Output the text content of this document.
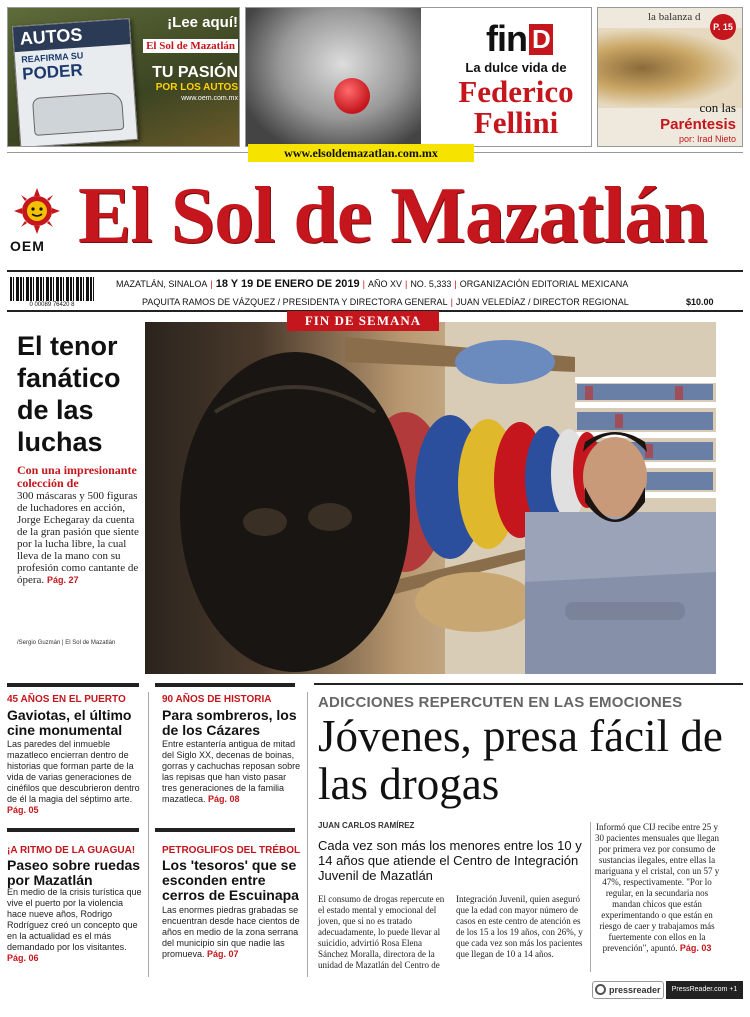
AUTOS
REAFIRMA SU
PODER
¡Lee aquí!
El Sol de Mazatlán
TU PASIÓN
POR LOS AUTOS
www.oem.com.mx
fin D
La dulce vida de
Federico
Fellini
la balanza d
P. 15
con las
Paréntesis
por: Irad Nieto
www.elsoldemazatlan.com.mx
OEM El Sol de Mazatlán
0 00089 76420 8
MAZATLÁN, SINALOA | 18 Y 19 DE ENERO DE 2019 | AÑO XV | NO. 5,333 | ORGANIZACIÓN EDITORIAL MEXICANA
PAQUITA RAMOS DE VÁZQUEZ / PRESIDENTA Y DIRECTORA GENERAL | JUAN VELEDÍAZ / DIRECTOR REGIONAL	$10.00
El tenor fanático de las luchas
Con una impresionante colección de
300 máscaras y 500 figuras de luchadores en acción, Jorge Echegaray da cuenta de la gran pasión que siente por la lucha libre, la cual lleva de la mano con su profesión como cantante de ópera. Pág. 27
/Sergio Guzmán | El Sol de Mazatlán
FIN DE SEMANA
45 AÑOS EN EL PUERTO
Gaviotas, el último cine monumental
Las paredes del inmueble mazatleco encierran dentro de historias que forman parte de la vida de varias generaciones de cinéfilos que descubrieron dentro de él la magia del séptimo arte. Pág. 05
90 AÑOS DE HISTORIA
Para sombreros, los de los Cázares
Entre estantería antigua de mitad del Siglo XX, decenas de boinas, gorras y cachuchas reposan sobre las repisas que han visto pasar tres generaciones de la familia mazatleca. Pág. 08
¡A RITMO DE LA GUAGUA!
Paseo sobre ruedas por Mazatlán
En medio de la crisis turística que vive el puerto por la violencia hace nueve años, Rodrigo Rodríguez creó un concepto que en la actualidad es el más demandado por los visitantes. Pág. 06
PETROGLIFOS DEL TRÉBOL
Los 'tesoros' que se esconden entre cerros de Escuinapa
Las enormes piedras grabadas se encuentran desde hace cientos de años en medio de la zona serrana del municipio sin que nadie las promueva. Pág. 07
ADICCIONES REPERCUTEN EN LAS EMOCIONES
Jóvenes, presa fácil de las drogas
JUAN CARLOS RAMÍREZ
Cada vez son más los menores entre los 10 y 14 años que atiende el Centro de Integración Juvenil de Mazatlán
El consumo de drogas repercute en el estado mental y emocional del joven, que si no es tratado adecuadamente, lo puede llevar al suicidio, advirtió Rosa Elena Sánchez Moralla, directora de la unidad de Mazatlán del Centro de
Integración Juvenil, quien aseguró que la edad con mayor número de casos en este centro de atención es de los 15 a los 19 años, con 26%, y que cada vez son más los pacientes que llegan de 10 a 14 años.
Informó que CIJ recibe entre 25 y 30 pacientes mensuales que llegan por primera vez por consumo de sustancias ilegales, entre ellas la mariguana y el cristal, con un 57 y 47%, respectivamente. "Por lo regular, en la secundaria nos mandan chicos que están experimentando o que están en riesgo de caer y trabajamos más fuertemente con ellos en la prevención", apuntó. Pág. 03
pressreader	PressReader.com +1 604 278 4604
